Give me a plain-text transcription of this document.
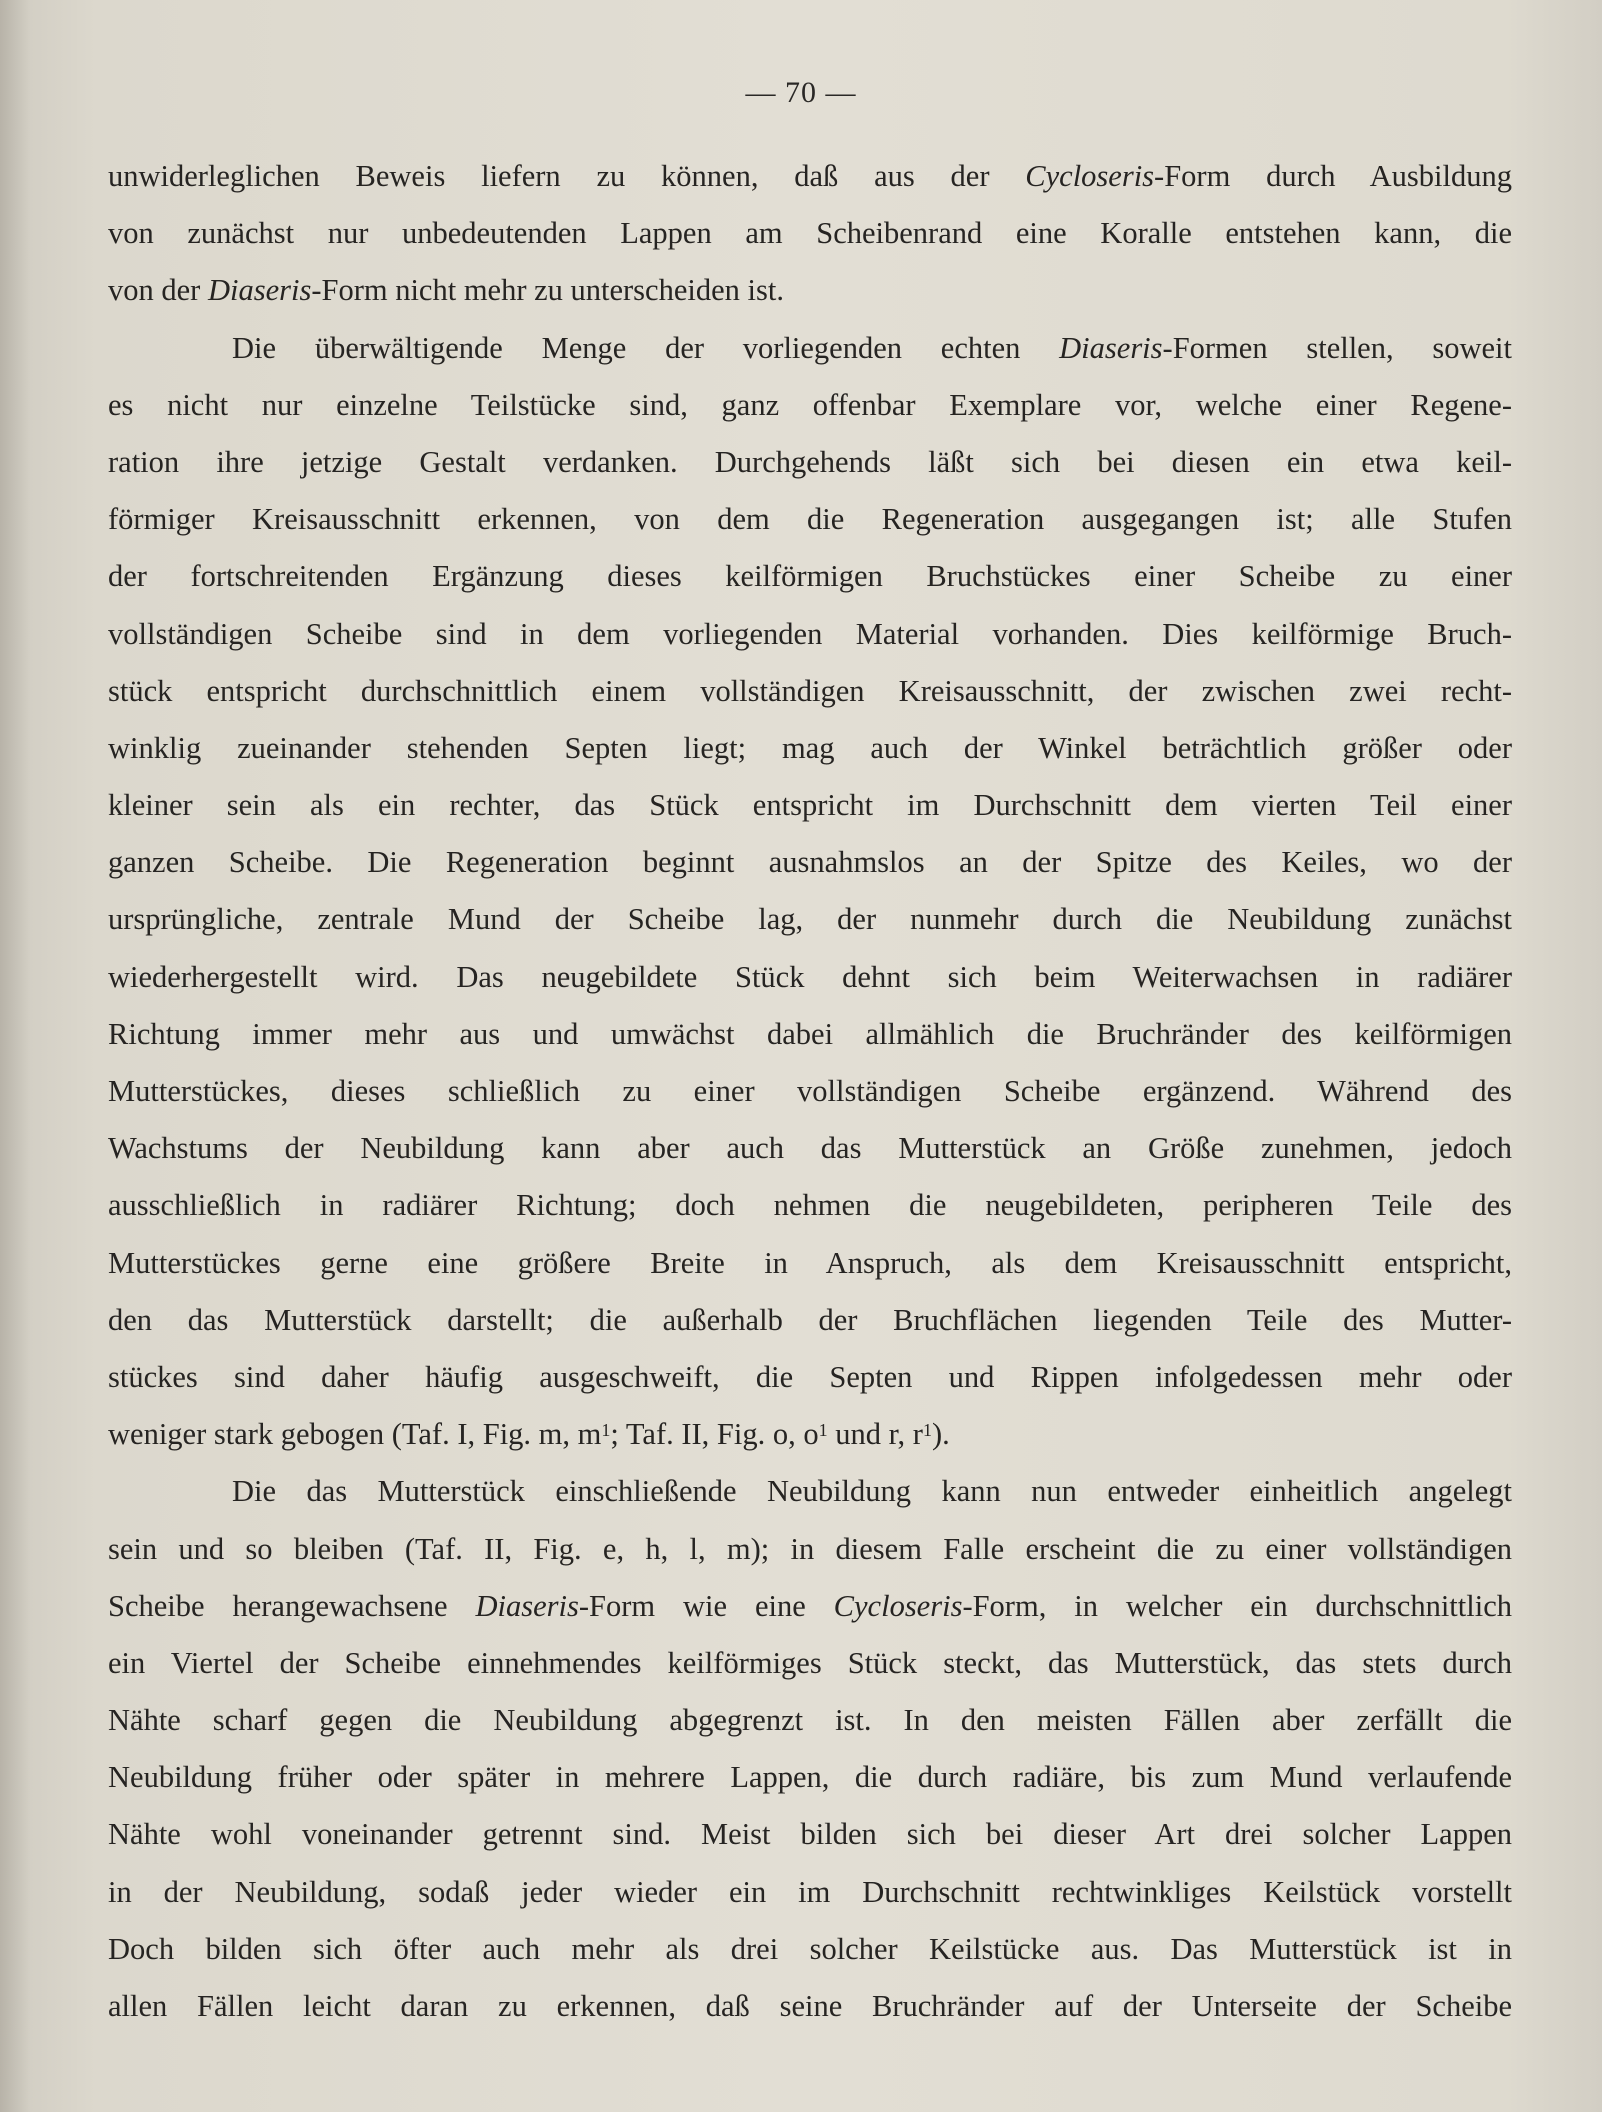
— 70 —
unwiderleglichen Beweis liefern zu können, daß aus der Cycloseris-Form durch Ausbildung
von zunächst nur unbedeutenden Lappen am Scheibenrand eine Koralle entstehen kann, die
von der Diaseris-Form nicht mehr zu unterscheiden ist.
Die überwältigende Menge der vorliegenden echten Diaseris-Formen stellen, soweit
es nicht nur einzelne Teilstücke sind, ganz offenbar Exemplare vor, welche einer Regene-
ration ihre jetzige Gestalt verdanken. Durchgehends läßt sich bei diesen ein etwa keil-
förmiger Kreisausschnitt erkennen, von dem die Regeneration ausgegangen ist; alle Stufen
der fortschreitenden Ergänzung dieses keilförmigen Bruchstückes einer Scheibe zu einer
vollständigen Scheibe sind in dem vorliegenden Material vorhanden. Dies keilförmige Bruch-
stück entspricht durchschnittlich einem vollständigen Kreisausschnitt, der zwischen zwei recht-
winklig zueinander stehenden Septen liegt; mag auch der Winkel beträchtlich größer oder
kleiner sein als ein rechter, das Stück entspricht im Durchschnitt dem vierten Teil einer
ganzen Scheibe. Die Regeneration beginnt ausnahmslos an der Spitze des Keiles, wo der
ursprüngliche, zentrale Mund der Scheibe lag, der nunmehr durch die Neubildung zunächst
wiederhergestellt wird. Das neugebildete Stück dehnt sich beim Weiterwachsen in radiärer
Richtung immer mehr aus und umwächst dabei allmählich die Bruchränder des keilförmigen
Mutterstückes, dieses schließlich zu einer vollständigen Scheibe ergänzend. Während des
Wachstums der Neubildung kann aber auch das Mutterstück an Größe zunehmen, jedoch
ausschließlich in radiärer Richtung; doch nehmen die neugebildeten, peripheren Teile des
Mutterstückes gerne eine größere Breite in Anspruch, als dem Kreisausschnitt entspricht,
den das Mutterstück darstellt; die außerhalb der Bruchflächen liegenden Teile des Mutter-
stückes sind daher häufig ausgeschweift, die Septen und Rippen infolgedessen mehr oder
weniger stark gebogen (Taf. I, Fig. m, $m^1$; Taf. II, Fig. o, $o^1$ und r, $r^1$).
Die das Mutterstück einschließende Neubildung kann nun entweder einheitlich angelegt
sein und so bleiben (Taf. II, Fig. e, h, l, m); in diesem Falle erscheint die zu einer vollständigen
Scheibe herangewachsene Diaseris-Form wie eine Cycloseris-Form, in welcher ein durchschnittlich
ein Viertel der Scheibe einnehmendes keilförmiges Stück steckt, das Mutterstück, das stets durch
Nähte scharf gegen die Neubildung abgegrenzt ist. In den meisten Fällen aber zerfällt die
Neubildung früher oder später in mehrere Lappen, die durch radiäre, bis zum Mund verlaufende
Nähte wohl voneinander getrennt sind. Meist bilden sich bei dieser Art drei solcher Lappen
in der Neubildung, sodaß jeder wieder ein im Durchschnitt rechtwinkliges Keilstück vorstellt
Doch bilden sich öfter auch mehr als drei solcher Keilstücke aus. Das Mutterstück ist in
allen Fällen leicht daran zu erkennen, daß seine Bruchränder auf der Unterseite der Scheibe
